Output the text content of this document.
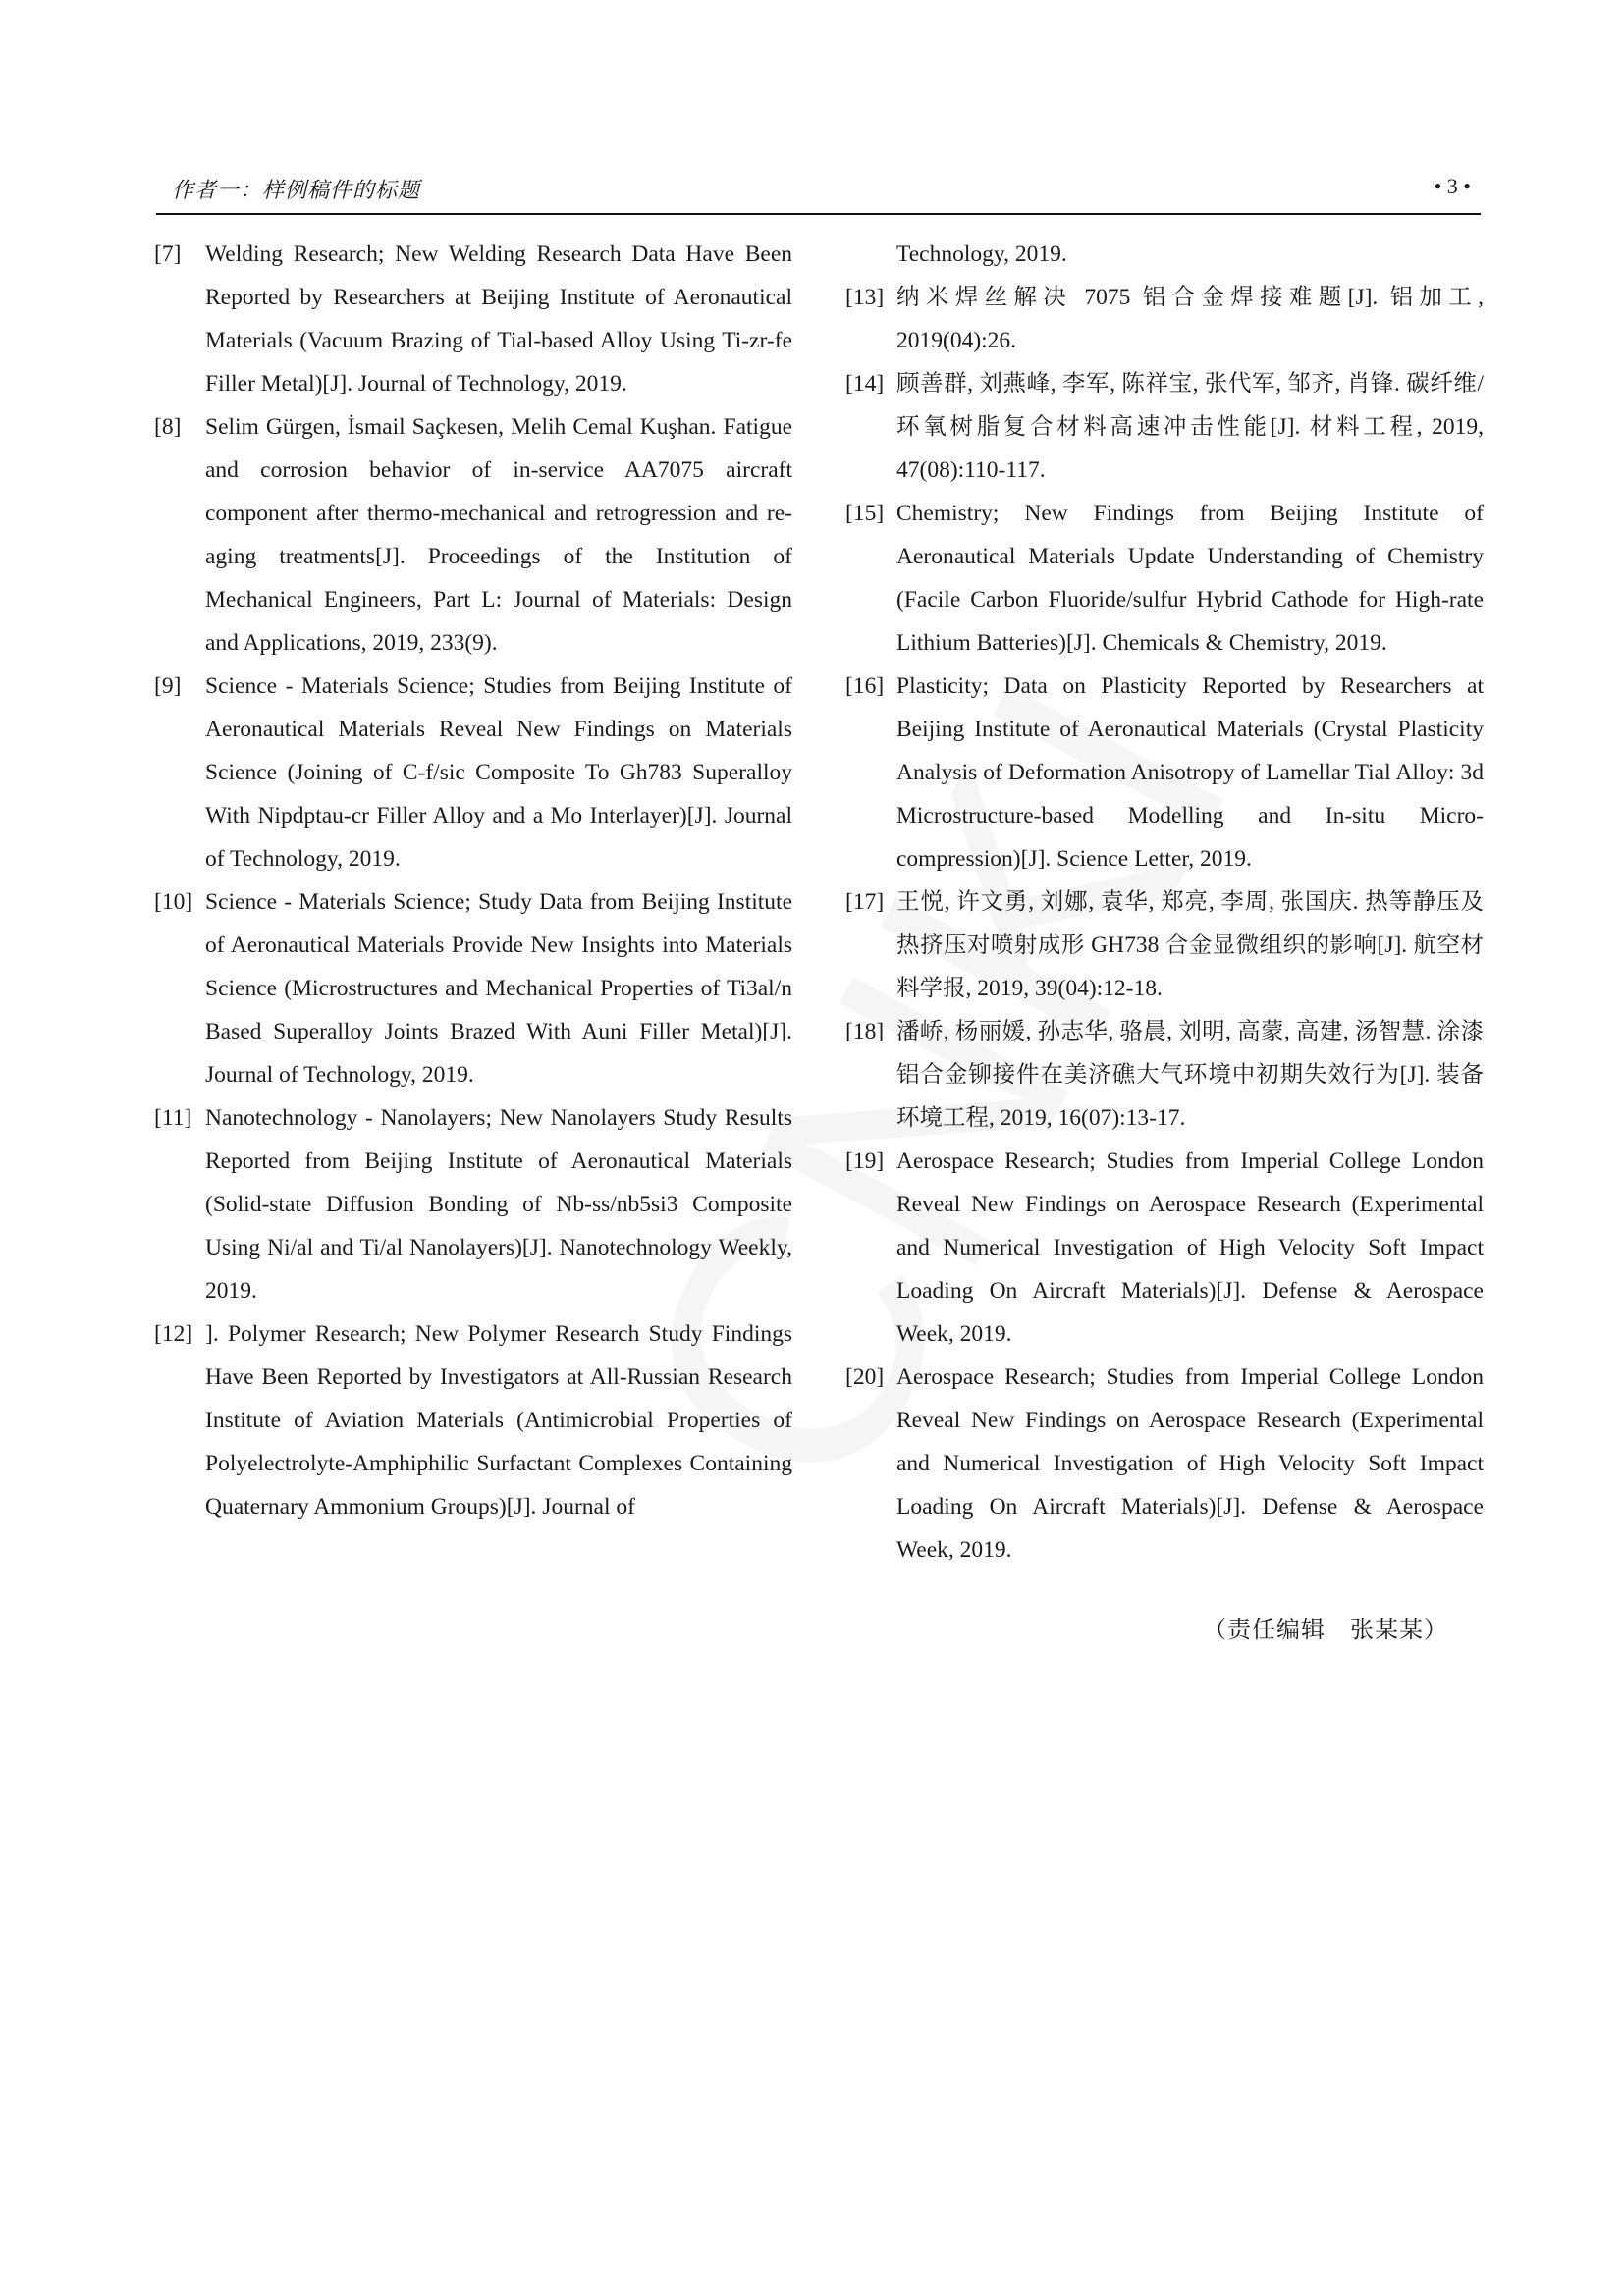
作者一：样例稿件的标题	• 3 •
[7]	Welding Research; New Welding Research Data Have Been Reported by Researchers at Beijing Institute of Aeronautical Materials (Vacuum Brazing of Tial-based Alloy Using Ti-zr-fe Filler Metal)[J]. Journal of Technology, 2019.
[8]	Selim Gürgen, İsmail Saçkesen, Melih Cemal Kuşhan. Fatigue and corrosion behavior of in-service AA7075 aircraft component after thermo-mechanical and retrogression and re-aging treatments[J]. Proceedings of the Institution of Mechanical Engineers, Part L: Journal of Materials: Design and Applications, 2019, 233(9).
[9]	Science - Materials Science; Studies from Beijing Institute of Aeronautical Materials Reveal New Findings on Materials Science (Joining of C-f/sic Composite To Gh783 Superalloy With Nipdptau-cr Filler Alloy and a Mo Interlayer)[J]. Journal of Technology, 2019.
[10] Science - Materials Science; Study Data from Beijing Institute of Aeronautical Materials Provide New Insights into Materials Science (Microstructures and Mechanical Properties of Ti3al/n Based Superalloy Joints Brazed With Auni Filler Metal)[J]. Journal of Technology, 2019.
[11] Nanotechnology - Nanolayers; New Nanolayers Study Results Reported from Beijing Institute of Aeronautical Materials (Solid-state Diffusion Bonding of Nb-ss/nb5si3 Composite Using Ni/al and Ti/al Nanolayers)[J]. Nanotechnology Weekly, 2019.
[12] ]. Polymer Research; New Polymer Research Study Findings Have Been Reported by Investigators at All-Russian Research Institute of Aviation Materials (Antimicrobial Properties of Polyelectrolyte-Amphiphilic Surfactant Complexes Containing Quaternary Ammonium Groups)[J]. Journal of
Technology, 2019.
[13] 纳米焊丝解决 7075 铝合金焊接难题[J]. 铝加工, 2019(04):26.
[14] 顾善群, 刘燕峰, 李军, 陈祥宝, 张代军, 邹齐, 肖锋. 碳纤维/环氧树脂复合材料高速冲击性能[J]. 材料工程, 2019, 47(08):110-117.
[15] Chemistry; New Findings from Beijing Institute of Aeronautical Materials Update Understanding of Chemistry (Facile Carbon Fluoride/sulfur Hybrid Cathode for High-rate Lithium Batteries)[J]. Chemicals & Chemistry, 2019.
[16] Plasticity; Data on Plasticity Reported by Researchers at Beijing Institute of Aeronautical Materials (Crystal Plasticity Analysis of Deformation Anisotropy of Lamellar Tial Alloy: 3d Microstructure-based Modelling and In-situ Micro-compression)[J]. Science Letter, 2019.
[17] 王悦, 许文勇, 刘娜, 袁华, 郑亮, 李周, 张国庆. 热等静压及热挤压对喷射成形 GH738 合金显微组织的影响[J]. 航空材料学报, 2019, 39(04):12-18.
[18] 潘峤, 杨丽媛, 孙志华, 骆晨, 刘明, 高蒙, 高建, 汤智慧. 涂漆铝合金铆接件在美济礁大气环境中初期失效行为[J]. 装备环境工程, 2019, 16(07):13-17.
[19] Aerospace Research; Studies from Imperial College London Reveal New Findings on Aerospace Research (Experimental and Numerical Investigation of High Velocity Soft Impact Loading On Aircraft Materials)[J]. Defense & Aerospace Week, 2019.
[20] Aerospace Research; Studies from Imperial College London Reveal New Findings on Aerospace Research (Experimental and Numerical Investigation of High Velocity Soft Impact Loading On Aircraft Materials)[J]. Defense & Aerospace Week, 2019.
（责任编辑　张某某）
